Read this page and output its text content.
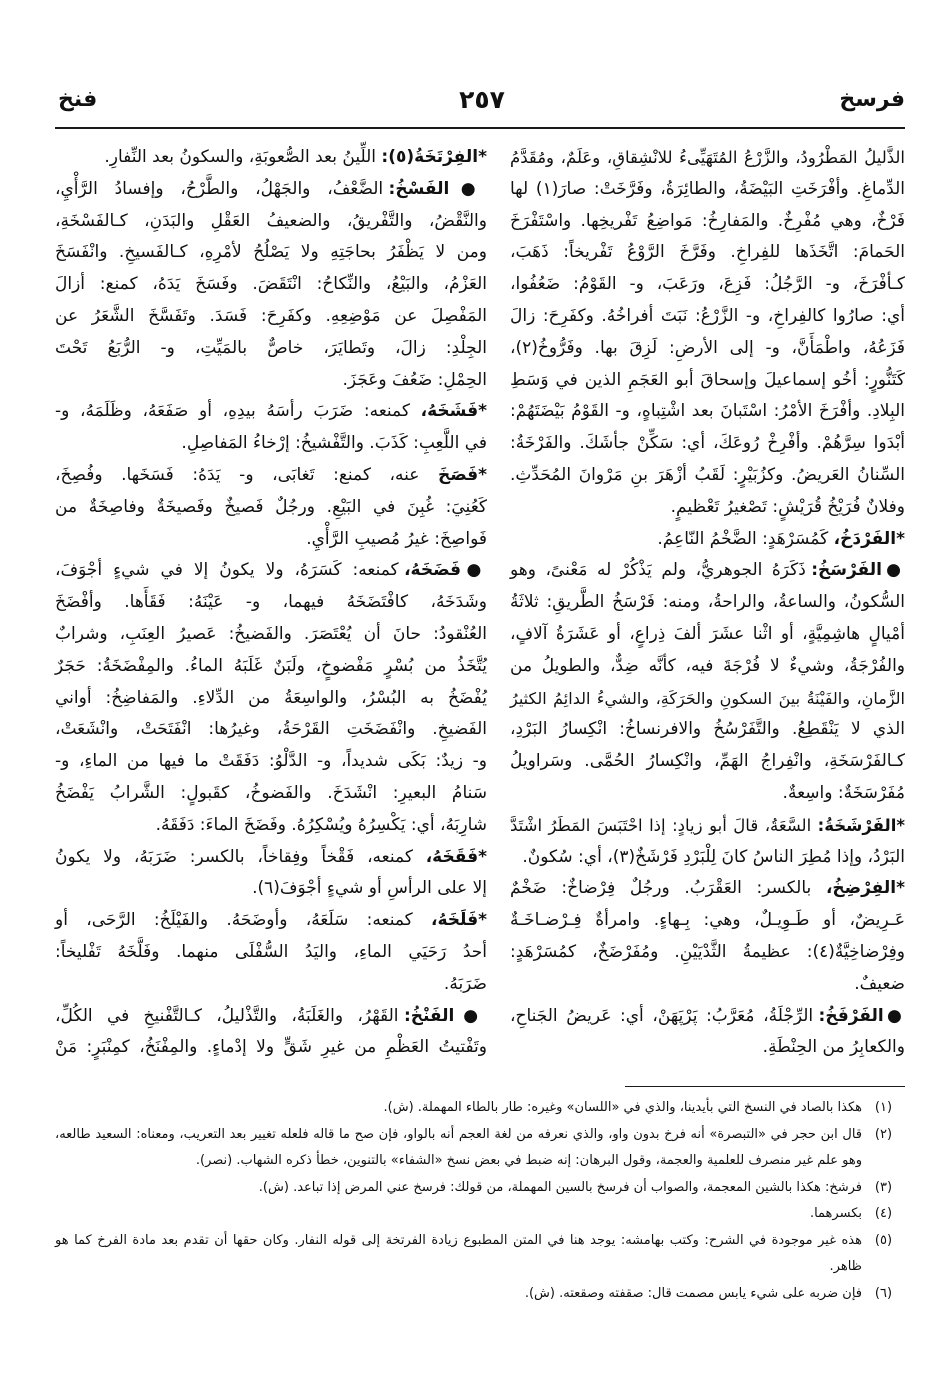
فرسخ
٢٥٧
فنخ
الذَّليلُ المَطْرُودُ، والزَّرْعُ المُتَهَيِّىءُ للانْشِقاقِ، وعَلَمٌ، ومُقَدَّمُ
الدِّماغِ. وأفْرَخَتِ البَيْضَةُ، والطائِرَةُ، وفَرَّخَتْ: صارَ(١) لها
فَرْخٌ، وهي مُفْرِخٌ. والمَفارِخُ: مَواضِعُ تَفْريخِها. واسْتَفْرَخَ
الحَمامَ: اتَّخَذَها للفِراخِ. وفَرَّخَ الرَّوْعُ تَفْريخاً: ذَهَبَ،
كـأفْرَخَ، و- الرَّجُلُ: فَزِعَ، ورَعَبَ، و- القَوْمُ: ضَعُفُوا،
أي: صارُوا كالفِراخِ، و- الزَّرْعُ: نَبَتَ أفراخُهُ. وكفَرِحَ: زالَ
فَزَعُهُ، واطْمَأَنَّ، و- إلى الأرضِ: لَزِقَ بها. وفَرُّوخُ(٢)،
كَتَنُّورٍ: أخُو إسماعيلَ وإسحاقَ أبو العَجَمِ الذين في وَسَطِ
البِلادِ. وأفْرَخَ الأمْرُ: اسْتَبانَ بعد اشْتِباهٍ، و- القَوْمُ بَيْضَتَهُمْ:
أبْدَوا سِرَّهُمْ. وأفْرِخْ رُوعَكَ، أي: سَكِّنْ جأشَكَ. والفَرْخَةُ:
السِّنانُ العَريضُ. وكزُبَيْرٍ: لَقَبُ أزْهَرَ بنِ مَرْوانَ المُحَدِّثِ.
وفلانٌ فُرَيْخُ قُرَيْشٍ: تَصْغيرُ تَعْظيمٍ.
*الفَرْدَخُ، كَمُسَرْهَدٍ: الضَّخْمُ النّاعِمُ.
●الفَرْسَخُ: ذَكَرَهُ الجوهريُّ، ولم يَذْكُرْ له مَعْنىً، وهو
السُّكونُ، والساعةُ، والراحةُ، ومنه: فَرْسَخُ الطَّريقِ: ثلاثَةُ
أمْيالٍ هاشِمِيَّةٍ، أو اثْنا عشَرَ ألفَ ذِراعٍ، أو عَشَرَةُ آلافٍ،
والفُرْجَةُ، وشيءٌ لا فُرْجَةَ فيه، كأنَّه ضِدٌّ، والطويلُ من
الزَّمانِ، والفَيْنَةُ بينَ السكونِ والحَرَكَةِ، والشيءُ الدائِمُ الكثيرُ
الذي لا يَنْقَطِعُ. والتَّفَرْسُخُ والافرنساخُ: انْكِسارُ البَرْدِ،
كـالفَرْسَخَةِ، وانْفِراجُ الهَمِّ، وانْكِسارُ الحُمَّى. وسَراويلُ
مُفَرْسَخَةٌ: واسِعةٌ.
*الفَرْشَخَةُ: السَّعَةُ، قالَ أبو زيادٍ: إذا احْتَبَسَ المَطَرُ اشْتَدَّ
البَرْدُ، وإذا مُطِرَ الناسُ كانَ لِلْبَرْدِ فَرْشَخٌ(٣)، أي: سُكونٌ.
*الفِرْضِخُ، بالكسر: العَقْرَبُ. ورجُلٌ فِرْضاخٌ: ضَخْمٌ
عَـرِيضٌ، أو طَـوِيـلٌ، وهي: بِـهاءٍ. وامرأةٌ فِـرْضـاخَـةٌ
وفِرْضاخِيَّةٌ(٤): عظيمةُ الثَّدْيَيْنِ. ومُفَرْضَخٌ، كمُسَرْهَدٍ:
ضعيفٌ.
●الفَرْفَخُ: الرِّجْلَةُ، مُعَرَّبُ: پَرْپَهَنْ، أي: عَريضُ الجَناحِ،
والكعابِرُ من الحِنْطَةِ.
*الفِرْتَخَةُ(٥): اللِّينُ بعد الصُّعوبَةِ، والسكونُ بعد النِّفارِ.
●الفَسْخُ: الضَّعْفُ، والجَهْلُ، والطَّرْحُ، وإفسادُ الرَّأْيِ،
والنَّقْضُ، والتَّفْريقُ، والضعيفُ العَقْلِ والبَدَنِ، كـالفَسْخَةِ،
ومن لا يَظْفَرُ بحاجَتِهِ ولا يَصْلُحُ لأمْرِهِ، كـالفَسيخِ. وانْفَسَخَ
العَزْمُ، والبَيْعُ، والنِّكاحُ: انْتَقَضَ. وفَسَخَ يَدَهُ، كمنع: أزالَ
المَفْصِلَ عن مَوْضِعِهِ. وكفَرِحَ: فَسَدَ. وتَفَسَّخَ الشَّعَرُ عن
الجِلْدِ: زالَ، وتَطايَرَ، خاصٌّ بالمَيِّتِ، و- الرُّبَعُ تَحْتَ
الحِمْلِ: ضَعُفَ وعَجَزَ.
*فَشَخَهُ، كمنعه: ضَرَبَ رأسَهُ بيدِهِ، أو صَفَعَهُ، وظَلَمَهُ، و-
في اللَّعِبِ: كَذَبَ. والتَّفْشيخُ: إرْخاءُ المَفاصِلِ.
*فَصَخَ عنه، كمنع: تَغابَى، و- يَدَهُ: فَسَخَها. وفُصِخَ،
كَعُنِيَ: غُبِنَ في البَيْعِ. ورجُلٌ فَصيخٌ وفَصيخَةٌ وفاصِخَةٌ من
فَواصِخَ: غيرُ مُصيبِ الرَّأْيِ.
●فَضَخَهُ، كمنعه: كَسَرَهُ، ولا يكونُ إلا في شيءٍ أجْوَفَ،
وشَدَخَهُ، كافْتَضَخَهُ فيهما، و- عَيْنَهُ: فَقَأَها. وأفْضَخَ
العُنْقودُ: حانَ أن يُعْتَصَرَ. والفَضيخُ: عَصيرُ العِنَبِ، وشرابٌ
يُتَّخَذُ من بُسْرٍ مَفْضوخٍ، ولَبَنٌ غَلَبَهُ الماءُ. والمِفْضَخَةُ: حَجَرٌ
يُفْضَخُ به البُسْرُ، والواسِعَةُ من الدِّلاءِ. والمَفاضِخُ: أواني
الفَضيخِ. وانْفَضَخَتِ القَرْحَةُ، وغيرُها: انْفَتَحَتْ، وانْشَعَتْ،
و- زيدٌ: بَكَى شديداً، و- الدَّلْوُ: دَفَقَتْ ما فيها من الماءِ، و-
سَنامُ البعيرِ: انْشَدَخَ. والفَضوخُ، كقَبولٍ: الشَّرابُ يَفْضَخُ
شارِبَهُ، أي: يَكْسِرُهُ ويُسْكِرُهُ. وفَضَخَ الماءَ: دَفَقَهُ.
*فَقَخَهُ، كمنعه، فَقْخاً وفِقاخاً، بالكسر: ضَرَبَهُ، ولا يكونُ
إلا على الرأسِ أو شيءٍ أجْوَفَ(٦).
*فَلَخَهُ، كمنعه: سَلَعَهُ، وأوضَحَهُ. والفَيْلَخُ: الرَّحَى، أو
أحدُ رَحَيَي الماءِ، واليَدُ السُّفْلَى منهما. وفَلَّخَهُ تَفْليخاً:
ضَرَبَهُ.
●الفَنْخُ: القَهْرُ، والغَلَبَةُ، والتَّذْليلُ، كـالتَّفْنيخِ في الكُلِّ،
وتَفْتيتُ العَظْمِ من غيرِ شَقٍّ ولا إدْماءٍ. والمِفْنَخُ، كمِنْبَرٍ: مَنْ
(١)
هكذا بالصاد في النسخ التي بأيدينا، والذي في «اللسان» وغيره: طار بالطاء المهملة. (ش).
(٢)
قال ابن حجر في «التبصرة» أنه فرخ بدون واو، والذي نعرفه من لغة العجم أنه بالواو، فإن صح ما قاله فلعله تغيير بعد التعريب، ومعناه: السعيد طالعه،
وهو علم غير منصرف للعلمية والعجمة، وقول البرهان: إنه ضبط في بعض نسخ «الشفاء» بالتنوين، خطأ ذكره الشهاب. (نصر).
(٣)
فرشخ: هكذا بالشين المعجمة، والصواب أن فرسخ بالسين المهملة، من قولك: فرسخ عني المرض إذا تباعد. (ش).
(٤)
بكسرهما.
(٥)
هذه غير موجودة في الشرح: وكتب بهامشه: يوجد هنا في المتن المطبوع زيادة الفرتخة إلى قوله النفار. وكان حقها أن تقدم بعد مادة الفرخ كما هو
ظاهر.
(٦)
فإن ضربه على شيء يابس مصمت قال: صقفته وصقعته. (ش).
